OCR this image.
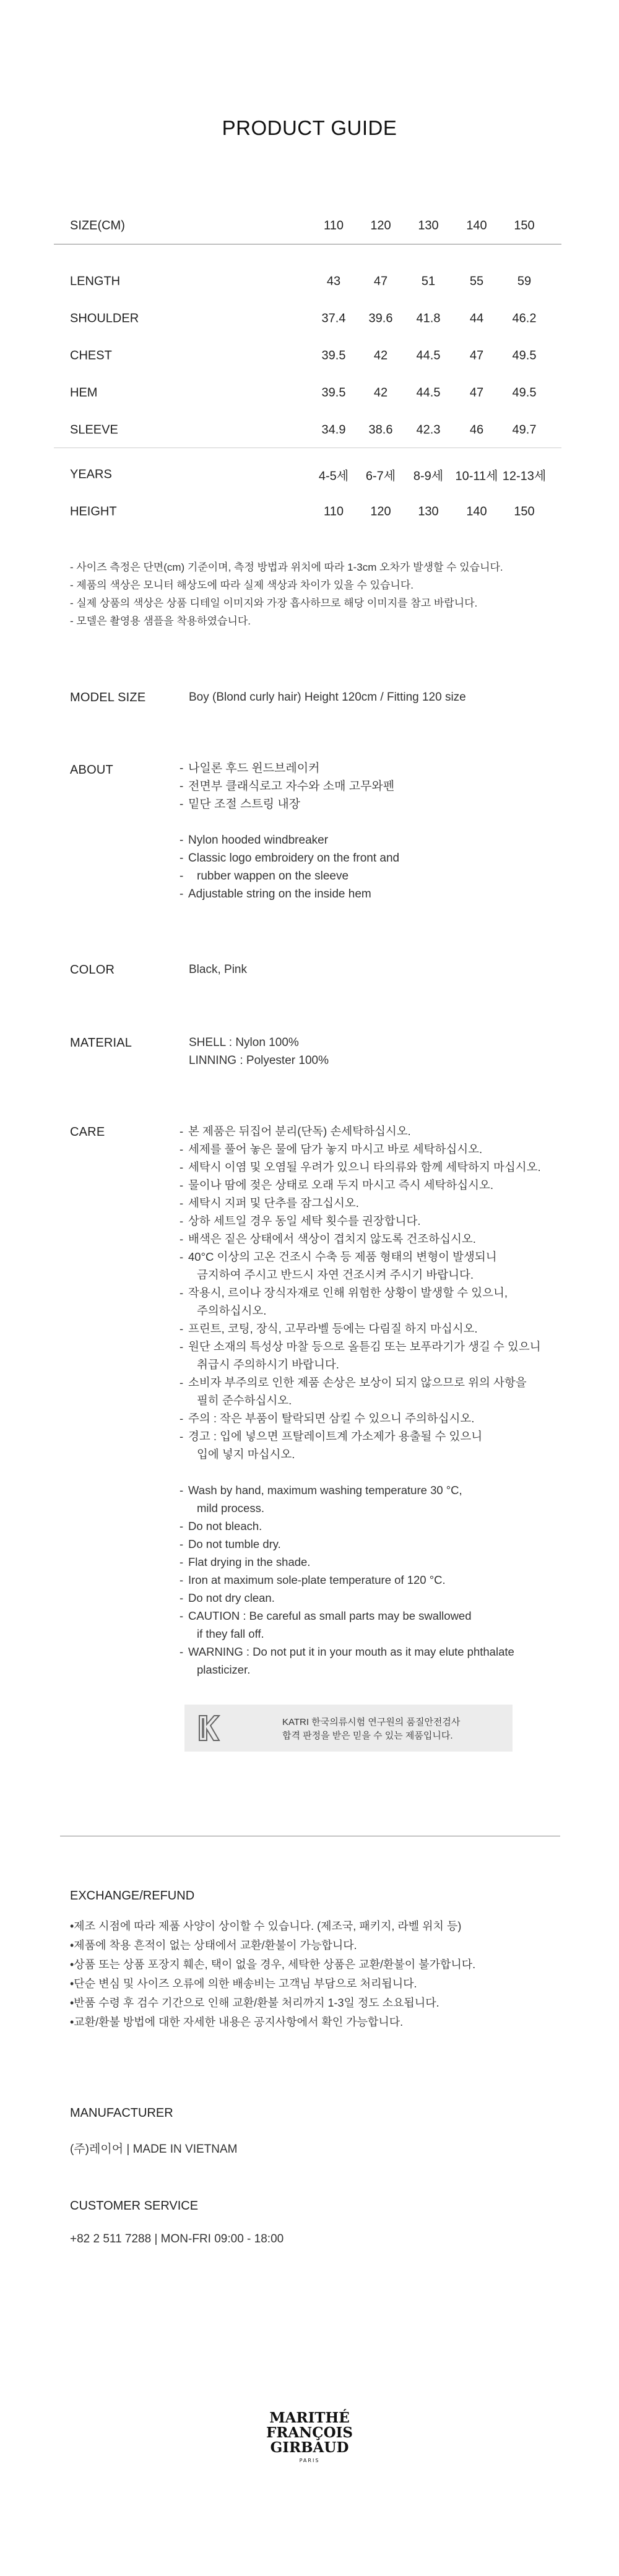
PRODUCT GUIDE
SIZE(CM)	110 120 130 140 150
LENGTH	43	47	51	55	59
SHOULDER	37.4 39.6 41.8 44 46.2
CHEST	39.5 42 44.5 47 49.5
HEM	39.5 42 44.5 47 49.5
SLEEVE	34.9 38.6 42.3 46 49.7
YEARS	4-5세 6-7세 8-9세 10-11세 12-13세
HEIGHT	110 120 130 140 150
- 사이즈 측정은 단면(cm) 기준이며, 측정 방법과 위치에 따라 1-3cm 오차가 발생할 수 있습니다.
- 제품의 색상은 모니터 해상도에 따라 실제 색상과 차이가 있을 수 있습니다.
- 실제 상품의 색상은 상품 디테일 이미지와 가장 흡사하므로 해당 이미지를 참고 바랍니다.
- 모델은 촬영용 샘플을 착용하였습니다.
MODEL SIZE	Boy (Blond curly hair) Height 120cm / Fitting 120 size
ABOUT	- 나일론 후드 윈드브레이커
- 전면부 클래식로고 자수와 소매 고무와펜
- 밑단 조절 스트링 내장
- Nylon hooded windbreaker
- Classic logo embroidery on the front and
- rubber wappen on the sleeve
- Adjustable string on the inside hem
COLOR	Black, Pink
MATERIAL	SHELL : Nylon 100%
LINNING : Polyester 100%
CARE	- 본 제품은 뒤집어 분리(단독) 손세탁하십시오.
- 세제를 풀어 놓은 물에 담가 놓지 마시고 바로 세탁하십시오.
- 세탁시 이염 및 오염될 우려가 있으니 타의류와 함께 세탁하지 마십시오.
- 물이나 땀에 젖은 상태로 오래 두지 마시고 즉시 세탁하십시오.
- 세탁시 지퍼 및 단추를 잠그십시오.
- 상하 세트일 경우 동일 세탁 횟수를 권장합니다.
- 배색은 짙은 상태에서 색상이 겹치지 않도록 건조하십시오.
- 40°C 이상의 고온 건조시 수축 등 제품 형태의 변형이 발생되니
금지하여 주시고 반드시 자연 건조시켜 주시기 바랍니다.
- 작용시, 르이나 장식자재로 인해 위험한 상황이 발생할 수 있으니,
주의하십시오.
- 프린트, 코팅, 장식, 고무라벨 등에는 다림질 하지 마십시오.
- 원단 소재의 특성상 마찰 등으로 올튿김 또는 보푸라기가 생길 수 있으니
취급시 주의하시기 바랍니다.
- 소비자 부주의로 인한 제품 손상은 보상이 되지 않으므로 위의 사항을
필히 준수하십시오.
- 주의 : 작은 부품이 탈락되면 삼킬 수 있으니 주의하십시오.
- 경고 : 입에 넣으면 프탈레이트계 가소제가 용출될 수 있으니
입에 넣지 마십시오.
- Wash by hand, maximum washing temperature 30 °C,
mild process.
- Do not bleach.
- Do not tumble dry.
- Flat drying in the shade.
- Iron at maximum sole-plate temperature of 120 °C.
- Do not dry clean.
- CAUTION : Be careful as small parts may be swallowed
if they fall off.
- WARNING : Do not put it in your mouth as it may elute phthalate
plasticizer.
KATRI 한국의류시험 연구원의 품질안전검사
합격 판정을 받은 믿을 수 있는 제품입니다.
EXCHANGE/REFUND
•제조 시점에 따라 제품 사양이 상이할 수 있습니다. (제조국, 패키지, 라벨 위치 등)
•제품에 착용 흔적이 없는 상태에서 교환/환불이 가능합니다.
•상품 또는 상품 포장지 훼손, 택이 없을 경우, 세탁한 상품은 교환/환불이 불가합니다.
•단순 변심 및 사이즈 오류에 의한 배송비는 고객님 부담으로 처리됩니다.
•반품 수령 후 검수 기간으로 인해 교환/환불 처리까지 1-3일 정도 소요됩니다.
•교환/환불 방법에 대한 자세한 내용은 공지사항에서 확인 가능합니다.
MANUFACTURER
(주)레이어 | MADE IN VIETNAM
CUSTOMER SERVICE
+82 2 511 7288 | MON-FRI 09:00 - 18:00
MARITHÉ
FRANÇOIS
GIRBAUD
PARIS
